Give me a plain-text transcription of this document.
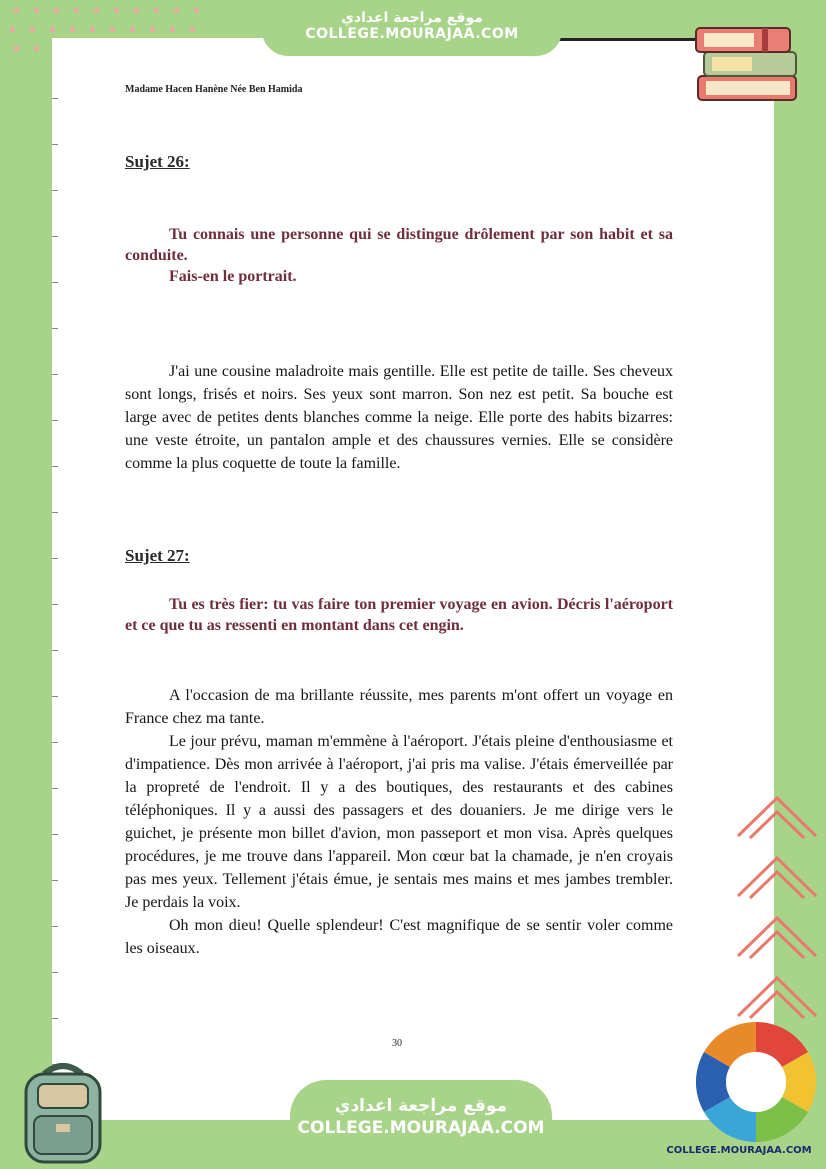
موقع مراجعة اعدادي
COLLEGE.MOURAJAA.COM
Madame Hacen Hanène Née Ben Hamida
Sujet 26:

Tu connais une personne qui se distingue drôlement par son habit et sa conduite.

Fais-en le portrait.

J'ai une cousine maladroite mais gentille. Elle est petite de taille. Ses cheveux sont longs, frisés et noirs. Ses yeux sont marron. Son nez est petit. Sa bouche est large avec de petites dents blanches comme la neige. Elle porte des habits bizarres: une veste étroite, un pantalon ample et des chaussures vernies. Elle se considère comme la plus coquette de toute la famille.

Sujet 27:

Tu es très fier: tu vas faire ton premier voyage en avion. Décris l'aéroport et ce que tu as ressenti en montant dans cet engin.

A l'occasion de ma brillante réussite, mes parents m'ont offert un voyage en France chez ma tante.

Le jour prévu, maman m'emmène à l'aéroport. J'étais pleine d'enthousiasme et d'impatience. Dès mon arrivée à l'aéroport, j'ai pris ma valise. J'étais émerveillée par la propreté de l'endroit. Il y a des boutiques, des restaurants et des cabines téléphoniques. Il y a aussi des passagers et des douaniers. Je me dirige vers le guichet, je présente mon billet d'avion, mon passeport et mon visa. Après quelques procédures, je me trouve dans l'appareil. Mon cœur bat la chamade, je n'en croyais pas mes yeux. Tellement j'étais émue, je sentais mes mains et mes jambes trembler. Je perdais la voix.

Oh mon dieu! Quelle splendeur! C'est magnifique de se sentir voler comme les oiseaux.

30
موقع مراجعة اعدادي
COLLEGE.MOURAJAA.COM
COLLEGE.MOURAJAA.COM
